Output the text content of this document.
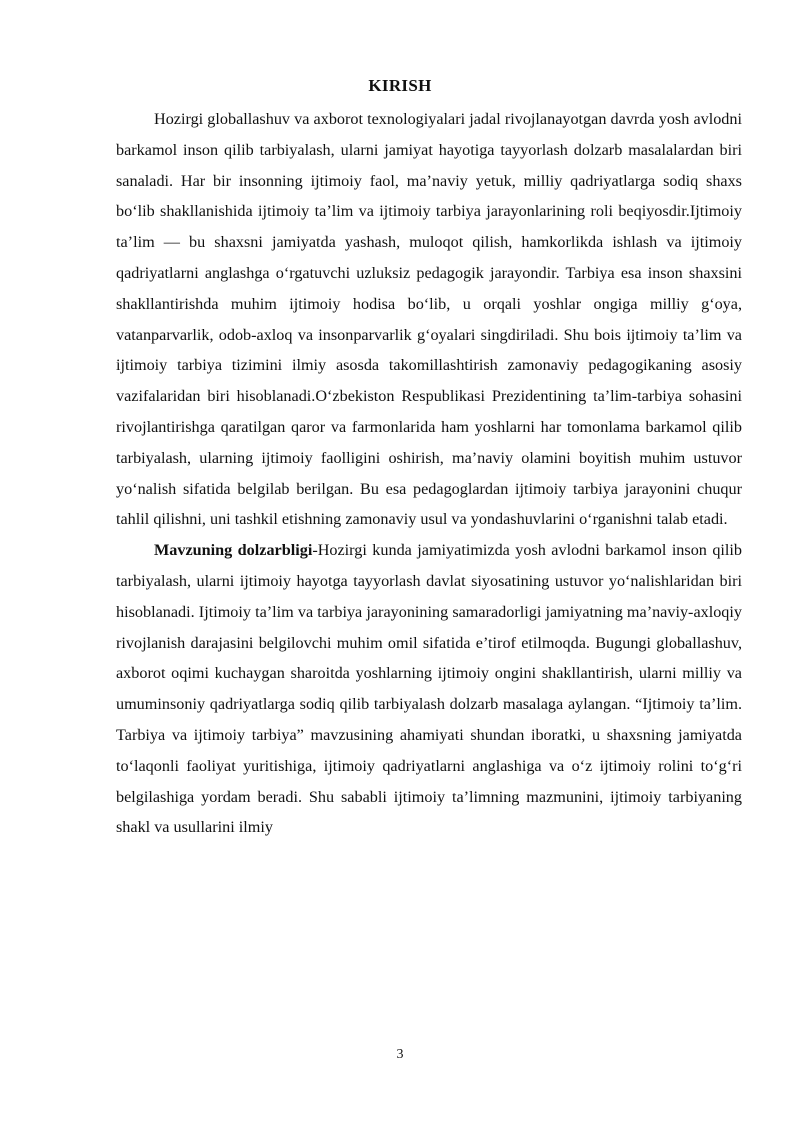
KIRISH

Hozirgi globallashuv va axborot texnologiyalari jadal rivojlanayotgan davrda yosh avlodni barkamol inson qilib tarbiyalash, ularni jamiyat hayotiga tayyorlash dolzarb masalalardan biri sanaladi. Har bir insonning ijtimoiy faol, ma’naviy yetuk, milliy qadriyatlarga sodiq shaxs bo‘lib shakllanishida ijtimoiy ta’lim va ijtimoiy tarbiya jarayonlarining roli beqiyosdir.Ijtimoiy ta’lim — bu shaxsni jamiyatda yashash, muloqot qilish, hamkorlikda ishlash va ijtimoiy qadriyatlarni anglashga o‘rgatuvchi uzluksiz pedagogik jarayondir. Tarbiya esa inson shaxsini shakllantirishda muhim ijtimoiy hodisa bo‘lib, u orqali yoshlar ongiga milliy g‘oya, vatanparvarlik, odob-axloq va insonparvarlik g‘oyalari singdiriladi. Shu bois ijtimoiy ta’lim va ijtimoiy tarbiya tizimini ilmiy asosda takomillashtirish zamonaviy pedagogikaning asosiy vazifalaridan biri hisoblanadi.O‘zbekiston Respublikasi Prezidentining ta’lim-tarbiya sohasini rivojlantirishga qaratilgan qaror va farmonlarida ham yoshlarni har tomonlama barkamol qilib tarbiyalash, ularning ijtimoiy faolligini oshirish, ma’naviy olamini boyitish muhim ustuvor yo‘nalish sifatida belgilab berilgan. Bu esa pedagoglardan ijtimoiy tarbiya jarayonini chuqur tahlil qilishni, uni tashkil etishning zamonaviy usul va yondashuvlarini o‘rganishni talab etadi.

Mavzuning dolzarbligi-Hozirgi kunda jamiyatimizda yosh avlodni barkamol inson qilib tarbiyalash, ularni ijtimoiy hayotga tayyorlash davlat siyosatining ustuvor yo‘nalishlaridan biri hisoblanadi. Ijtimoiy ta’lim va tarbiya jarayonining samaradorligi jamiyatning ma’naviy-axloqiy rivojlanish darajasini belgilovchi muhim omil sifatida e’tirof etilmoqda. Bugungi globallashuv, axborot oqimi kuchaygan sharoitda yoshlarning ijtimoiy ongini shakllantirish, ularni milliy va umuminsoniy qadriyatlarga sodiq qilib tarbiyalash dolzarb masalaga aylangan. “Ijtimoiy ta’lim. Tarbiya va ijtimoiy tarbiya” mavzusining ahamiyati shundan iboratki, u shaxsning jamiyatda to‘laqonli faoliyat yuritishiga, ijtimoiy qadriyatlarni anglashiga va o‘z ijtimoiy rolini to‘g‘ri belgilashiga yordam beradi. Shu sababli ijtimoiy ta’limning mazmunini, ijtimoiy tarbiyaning shakl va usullarini ilmiy

3
